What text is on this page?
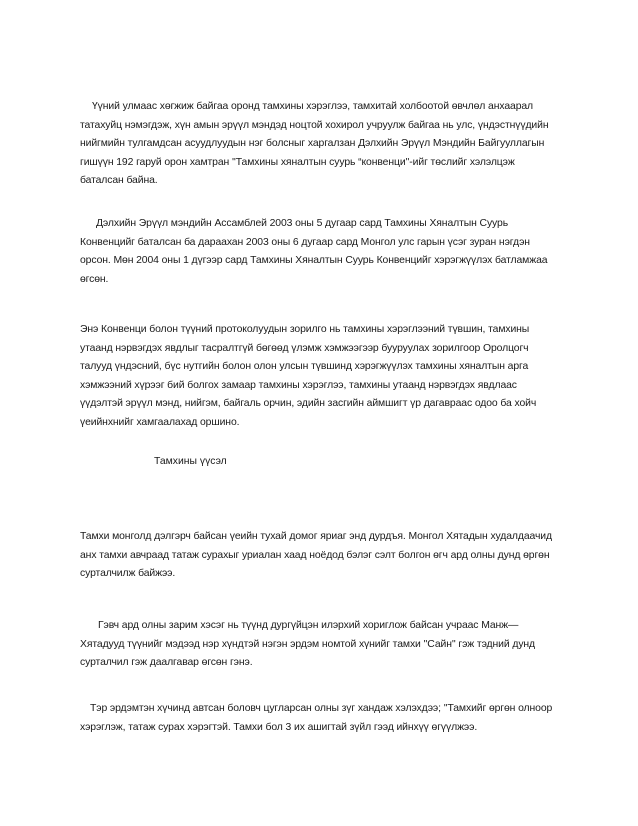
Үүний улмаас хөгжиж байгаа оронд тамхины хэрэглээ, тамхитай холбоотой өвчлөл анхаарал татахуйц нэмэгдэж, хүн амын эрүүл мэндэд ноцтой хохирол учруулж байгаа нь улс, үндэстнүүдийн нийгмийн тулгамдсан асуудлуудын нэг болсныг харгалзан Дэлхийн Эрүүл Мэндийн Байгууллагын гишүүн 192 гаруй орон хамтран ''Тамхины хяналтын суурь “конвенци''-ийг төслийг хэлэлцэж баталсан байна.

Дэлхийн Эрүүл мэндийн Ассамблей 2003 оны 5 дугаар сард Тамхины Хяналтын Суурь Конвенцийг баталсан ба дараахан 2003 оны 6 дугаар сард Монгол улс гарын үсэг зуран нэгдэн орсон. Мөн 2004 оны 1 дүгээр сард Тамхины Хяналтын Суурь Конвенцийг хэрэгжүүлэх батламжаа өгсөн.

Энэ Конвенци болон түүний протоколуудын зорилго нь тамхины хэрэглээний түвшин, тамхины утаанд нэрвэгдэх явдлыг тасралтгүй бөгөөд үлэмж хэмжээгээр бууруулах зорилгоор Оролцогч талууд үндэсний, бүс нутгийн болон олон улсын түвшинд хэрэгжүүлэх тамхины хяналтын арга хэмжээний хүрээг бий болгох замаар тамхины хэрэглээ, тамхины утаанд нэрвэгдэх явдлаас үүдэлтэй эрүүл мэнд, нийгэм, байгаль орчин, эдийн засгийн аймшигт үр дагавраас одоо ба хойч үеийнхнийг хамгаалахад оршино.

Тамхины үүсэл

Тамхи монголд дэлгэрч байсан үеийн тухай домог яриаг энд дурдъя. Монгол Хятадын худалдаачид анх тамхи авчраад татаж сурахыг уриалан хаад ноёдод бэлэг сэлт болгон өгч ард олны дунд өргөн сурталчилж байжээ.

Гэвч ард олны зарим хэсэг нь түүнд дургүйцэн илэрхий хориглож байсан учраас Манж—Хятадууд түүнийг мэдээд нэр хүндтэй нэгэн эрдэм номтой хүнийг тамхи ''Сайн'' гэж тэдний дунд сурталчил гэж даалгавар өгсөн гэнэ.

Тэр эрдэмтэн хүчинд автсан боловч цугларсан олны зүг хандаж хэлэхдээ; ''Тамхийг өргөн олноор хэрэглэж, татаж сурах хэрэгтэй. Тамхи бол 3 их ашигтай зүйл гээд ийнхүү өгүүлжээ.
